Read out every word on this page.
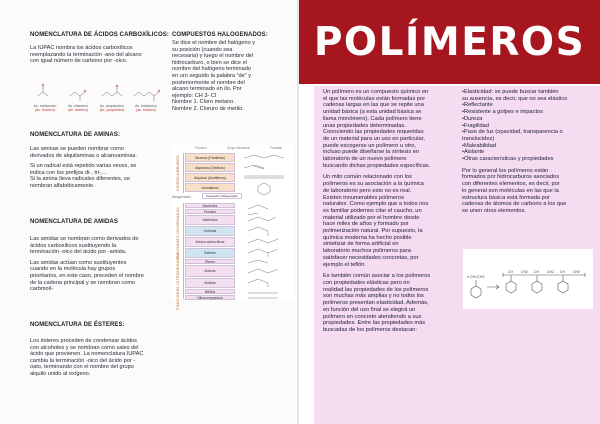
NOMENCLATURA DE ÁCIDOS CARBOXÍLICOS:
La IUPAC nombra los ácidos carboxílicos
reemplazando la terminación -ano del alcano
con igual número de carbono por -oico.
Ac. metanoico
(ác. fórmico)
Ac. etanoico
(ác. acético)
Ac. propanoico
(ác. propiónico)
Ac. butanoico
(ác. butírico)
COMPUESTOS HALOGENADOS:
Se dice el nombre del halógeno y
su posición (cuando sea
necesaria) y luego el nombre del
hidrocarburo, o bien se dice el
nombre del halógeno terminado
en uro seguido la palabra “de” y
posteriormente el nombre del
alcano terminado en ilo. Por
ejemplo: CH 3- Cl
Nombre 1. Cloro metano.
Nombre 2. Cloruro de metilo.
NOMENCLATURA DE AMINAS:
Las aminas se pueden nombrar como
derivados de alquilaminas o alcanoaminas.
Si un radical está repetido varias veces, se
indica con los prefijos di-, tri-,...
Si la amina lleva radicales diferentes, se
nombran alfabéticamente.
NOMENCLATURA DE AMIDAS
Las amidas se nombran como derivados de
ácidos carboxílicos sustituyendo la
terminación -oico del ácido por -amida.
Las amidas actúan como sustituyentes
cuando en la molécula hay grupos
prioritarios, en este caso, preceden el nombre
de la cadena principal y se nombran como
carbmoíl-
NOMENCLATURA DE ÉSTERES:
Los ésteres proceden de condensar ácidos
con alcoholes y se nombran como sales del
ácido que provienen. La nomenclatura IUPAC
cambia la terminación -oico del ácido por -
oato, terminando con el nombre del grupo
alquilo unido al oxígeno.
Función	Grupo funcional	Fórmula
HIDROCARBUROS
FUNCIONES OXIGENADAS
FUNCIONES NITROGENADAS
Halogenados
Alcanos (Parafinas)
Alquenos (Olefinas)
Alquinos (Acetilenos)
Aromáticos
Derivados halogenados
Alcoholes
Fenoles
Aldehídos
Cetonas
Ácidos carboxílicos
Ésteres
Éteres
Aminas
Amidas
Nitrilos
Nitrocompuestos
POLÍMEROS
Un polímero es un compuesto químico en
el que las moléculas están formadas por
cadenas largas en las que se repite una
unidad básica (a esta unidad básica se
llama monómero). Cada polímero tiene
unas propiedades determinadas.
Conociendo las propiedades requeridas
de un material para un uso en particular,
puede escogerse un polímero u otro,
incluso puede diseñarse la síntesis en
laboratorio de un nuevo polímero
buscando dichas propiedades específicas.
Un mito común relacionado con los
polímeros es su asociación a la química
de laboratorio pero esto no es real.
Existen innumerables polímeros
naturales. Como ejemplo que a todos nos
es familiar podemos citar el caucho, un
material utilizado por el hombre desde
hace miles de años y formado por
polimerización natural. Por supuesto, la
química moderna ha hecho posible
sintetizar de forma artificial en
laboratorio muchos polímeros para
satisfacer necesidades concretas, por
ejemplo el teflón.
Es también común asociar a los polímeros
con propiedades elásticas pero en
realidad las propiedades de los polímeros
son muchas más amplias y no todos los
polímeros presentan elasticidad. Además,
en función del uso final se elegirá un
polímero en concreto atendiendo a sus
propiedades. Entre las propiedades más
buscadas de los polímeros destacan:
•Elasticidad: se puede buscar también
su ausencia, es decir, que no sea elástico
•Reflectante
•Resistente a golpes e impactos
•Dureza
•Fragilidad
•Paso de luz (opacidad, transparencia o
translucidez)
•Maleabilidad
•Aislante
•Otras características y propiedades
Por lo general los polímeros están
formados por hidrocarburos asociados
con diferentes elementos, es decir, por
lo general son moléculas en las que la
estructura básica está formada por
cadenas de átomos de carbono a los que
se unen otros elementos.
n CH=CH2
CH CH2 CH CH2 CH CH2
